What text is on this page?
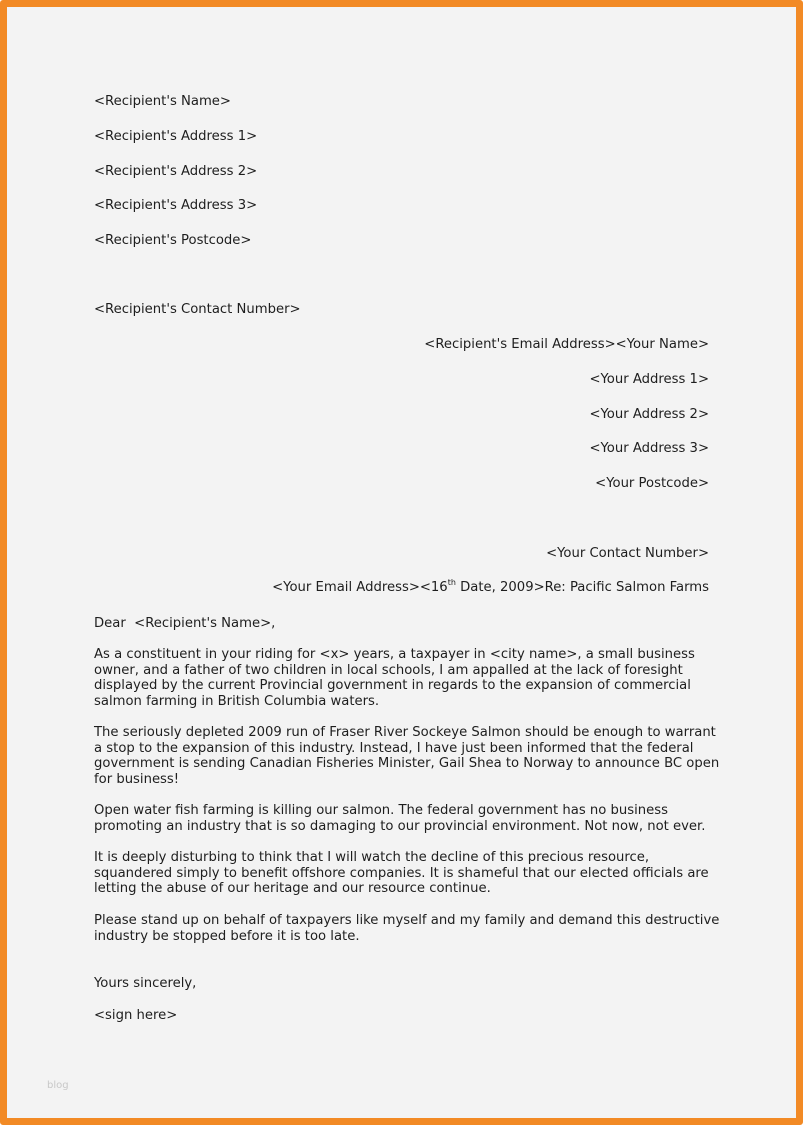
<Recipient's Name>
<Recipient's Address 1>
<Recipient's Address 2>
<Recipient's Address 3>
<Recipient's Postcode>
<Recipient's Contact Number>
<Recipient's Email Address><Your Name>
<Your Address 1>
<Your Address 2>
<Your Address 3>
<Your Postcode>
<Your Contact Number>
<Your Email Address><16th Date, 2009>Re: Pacific Salmon Farms
Dear  <Recipient's Name>,
As a constituent in your riding for <x> years, a taxpayer in <city name>, a small business
owner, and a father of two children in local schools, I am appalled at the lack of foresight
displayed by the current Provincial government in regards to the expansion of commercial
salmon farming in British Columbia waters.
The seriously depleted 2009 run of Fraser River Sockeye Salmon should be enough to warrant
a stop to the expansion of this industry. Instead, I have just been informed that the federal
government is sending Canadian Fisheries Minister, Gail Shea to Norway to announce BC open
for business!
Open water fish farming is killing our salmon. The federal government has no business
promoting an industry that is so damaging to our provincial environment. Not now, not ever.
It is deeply disturbing to think that I will watch the decline of this precious resource,
squandered simply to benefit offshore companies. It is shameful that our elected officials are
letting the abuse of our heritage and our resource continue.
Please stand up on behalf of taxpayers like myself and my family and demand this destructive
industry be stopped before it is too late.
Yours sincerely,
<sign here>
blog
